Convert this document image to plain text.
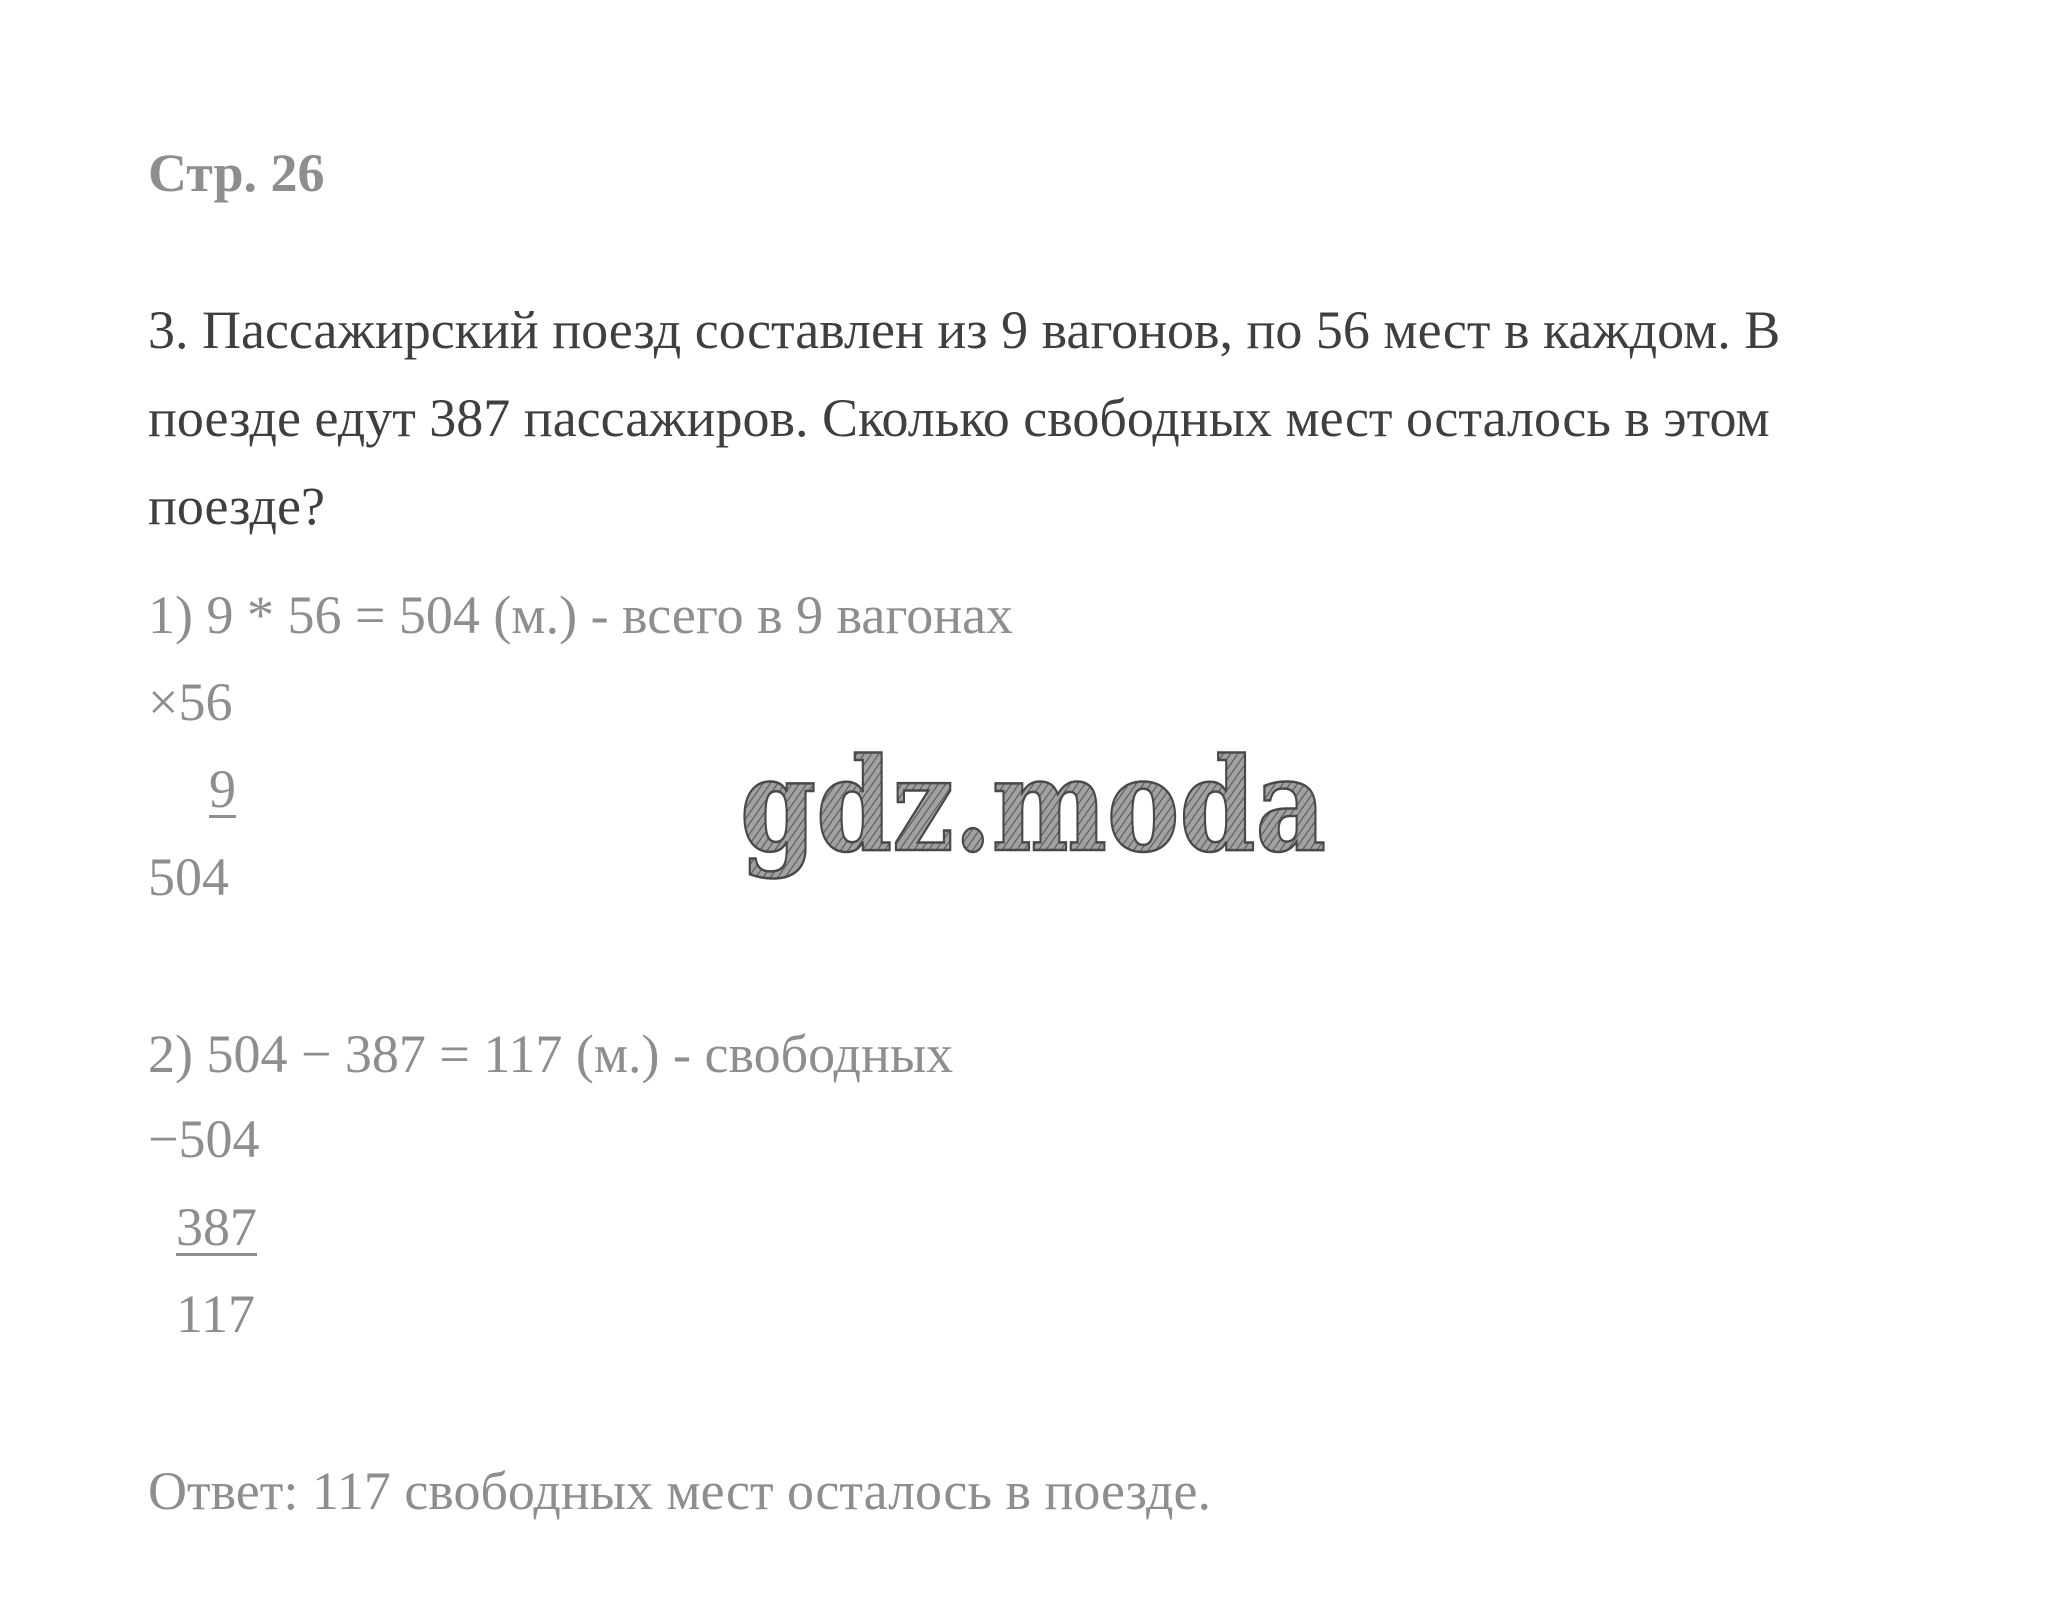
Стр. 26
3. Пассажирский поезд составлен из 9 вагонов, по 56 мест в каждом. В
поезде едут 387 пассажиров. Сколько свободных мест осталось в этом
поезде?
1) 9 * 56 = 504 (м.) - всего в 9 вагонах
×56
9
504
2) 504 − 387 = 117 (м.) - свободных
−504
387
117
Ответ: 117 свободных мест осталось в поезде.
gdz.moda
